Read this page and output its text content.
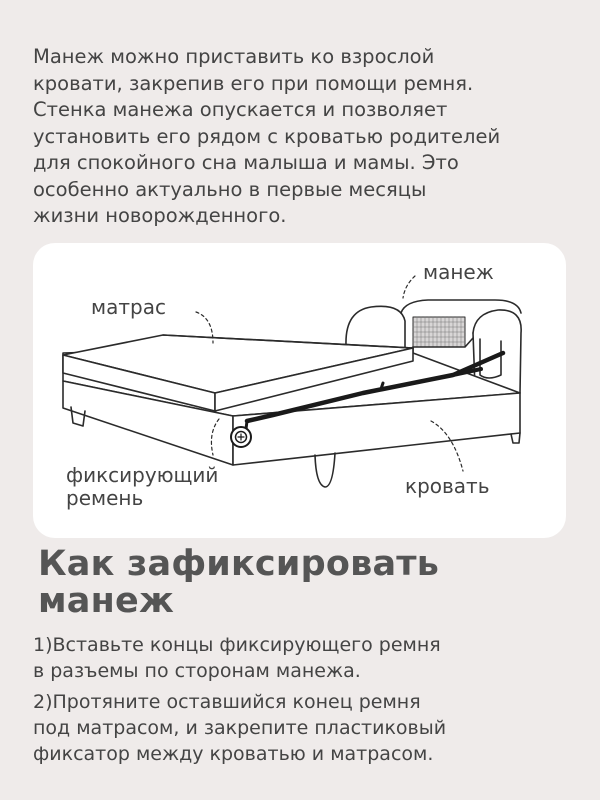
Манеж можно приставить ко взрослой
кровати, закрепив его при помощи ремня.
Стенка манежа опускается и позволяет
установить его рядом с кроватью родителей
для спокойного сна малыша и мамы. Это
особенно актуально в первые месяцы
жизни новорожденного.

манеж
матрас
фиксирующий
ремень	кровать
Как зафиксировать
манеж

1)Вставьте концы фиксирующего ремня
в разъемы по сторонам манежа.

2)Протяните оставшийся конец ремня
под матрасом, и закрепите пластиковый
фиксатор между кроватью и матрасом.
